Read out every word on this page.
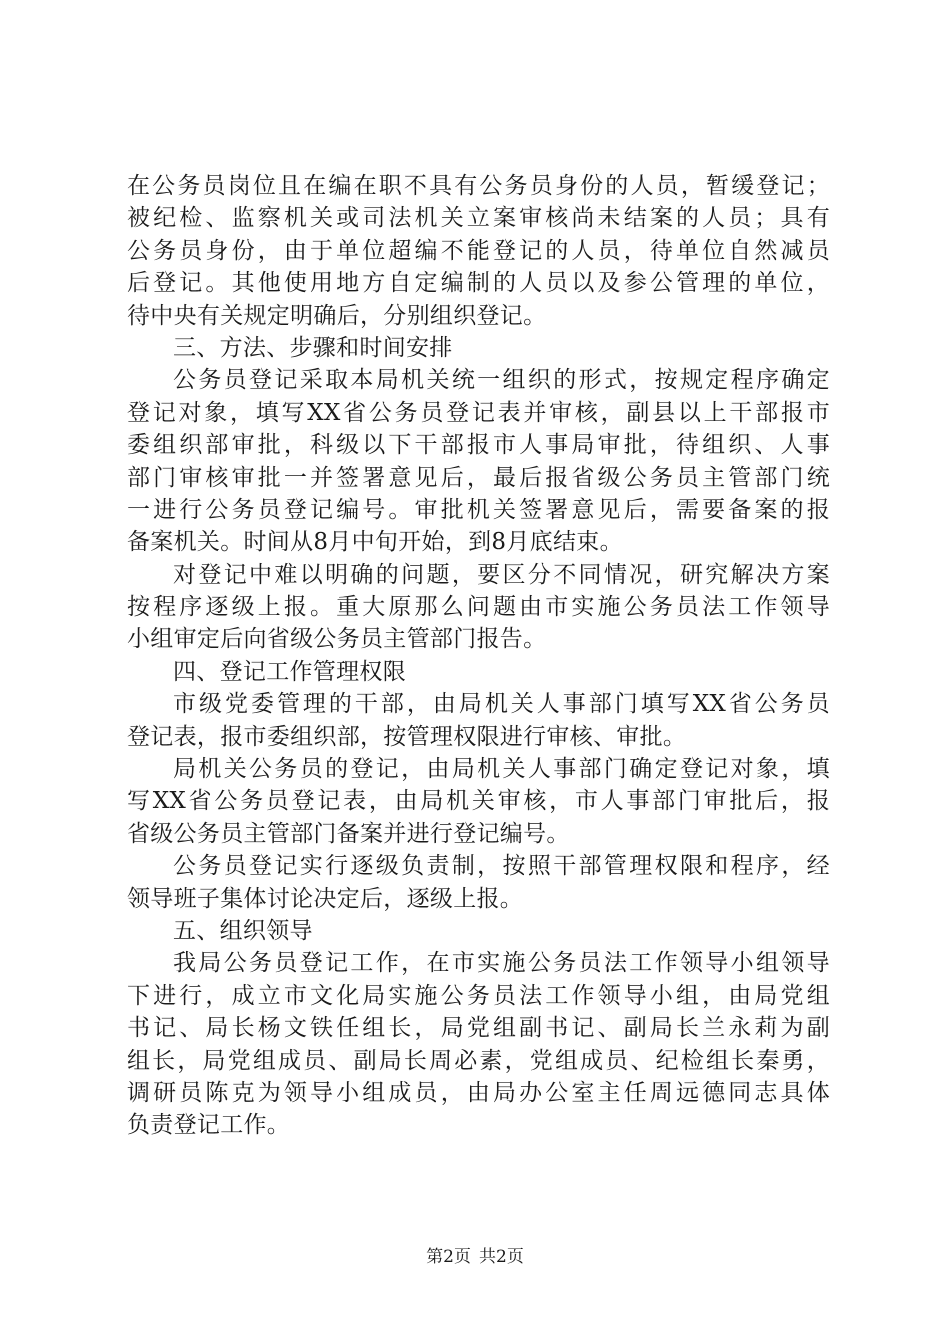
在公务员岗位且在编在职不具有公务员身份的人员，暂缓登记；
被纪检、监察机关或司法机关立案审核尚未结案的人员；具有
公务员身份，由于单位超编不能登记的人员，待单位自然减员
后登记。其他使用地方自定编制的人员以及参公管理的单位，
待中央有关规定明确后，分别组织登记。
三、方法、步骤和时间安排
公务员登记采取本局机关统一组织的形式，按规定程序确定
登记对象，填写XX省公务员登记表并审核，副县以上干部报市
委组织部审批，科级以下干部报市人事局审批，待组织、人事
部门审核审批一并签署意见后，最后报省级公务员主管部门统
一进行公务员登记编号。审批机关签署意见后，需要备案的报
备案机关。时间从8月中旬开始，到8月底结束。
对登记中难以明确的问题，要区分不同情况，研究解决方案
按程序逐级上报。重大原那么问题由市实施公务员法工作领导
小组审定后向省级公务员主管部门报告。
四、登记工作管理权限
市级党委管理的干部，由局机关人事部门填写XX省公务员
登记表，报市委组织部，按管理权限进行审核、审批。
局机关公务员的登记，由局机关人事部门确定登记对象，填
写XX省公务员登记表，由局机关审核，市人事部门审批后，报
省级公务员主管部门备案并进行登记编号。
公务员登记实行逐级负责制，按照干部管理权限和程序，经
领导班子集体讨论决定后，逐级上报。
五、组织领导
我局公务员登记工作，在市实施公务员法工作领导小组领导
下进行，成立市文化局实施公务员法工作领导小组，由局党组
书记、局长杨文铁任组长，局党组副书记、副局长兰永莉为副
组长，局党组成员、副局长周必素，党组成员、纪检组长秦勇，
调研员陈克为领导小组成员，由局办公室主任周远德同志具体
负责登记工作。
第2页 共2页
